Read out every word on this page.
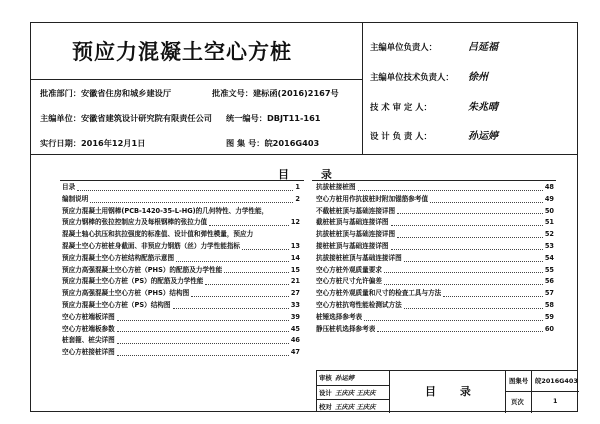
预应力混凝土空心方桩
批准部门：安徽省住房和城乡建设厅	批准文号：建标函(2016)2167号
主编单位：安徽省建筑设计研究院有限责任公司 统一编号：DBJT11-161
实行日期：2016年12月1日	图 集 号：皖2016G403
主编单位负责人：	吕延福
主编单位技术负责人： 徐州
技 术 审 定 人：	朱兆晴
设 计 负 责 人：	孙运婷
目 录
目录	1
编制说明	2
预应力混凝土用钢棒(PCB-1420-35-L-HG)的几何特性、力学性能，
预应力钢棒的张拉控制应力及每根钢棒的张拉力值	12
混凝土轴心抗压和抗拉强度的标准值、设计值和弹性模量，预应力
混凝土空心方桩桩身截面、非预应力钢筋（丝）力学性能指标	13
预应力混凝土空心方桩结构配筋示意图	14
预应力高强混凝土空心方桩（PHS）的配筋及力学性能	15
预应力混凝土空心方桩（PS）的配筋及力学性能	21
预应力高强混凝土空心方桩（PHS）结构图	27
预应力混凝土空心方桩（PS）结构图	33
空心方桩端板详图	39
空心方桩端板参数	45
桩套箍、桩尖详图	46
空心方桩接桩详图	47
抗拔桩接桩图	48
空心方桩用作抗拔桩时附加锚筋参考值	49
不截桩桩顶与基础连接详图	50
截桩桩顶与基础连接详图	51
抗拔桩桩顶与基础连接详图	52
接桩桩顶与基础连接详图	53
抗拔接桩桩顶与基础连接详图	54
空心方桩外观质量要求	55
空心方桩尺寸允许偏差	56
空心方桩外观质量和尺寸的检查工具与方法	57
空心方桩抗弯性能检测试方法	58
桩锤选择参考表	59
静压桩机选择参考表	60
审核 孙运婷
设计 王庆庆 王庆庆
校对 王庆庆 王庆庆
目 录
图集号 皖2016G403
页次	1
